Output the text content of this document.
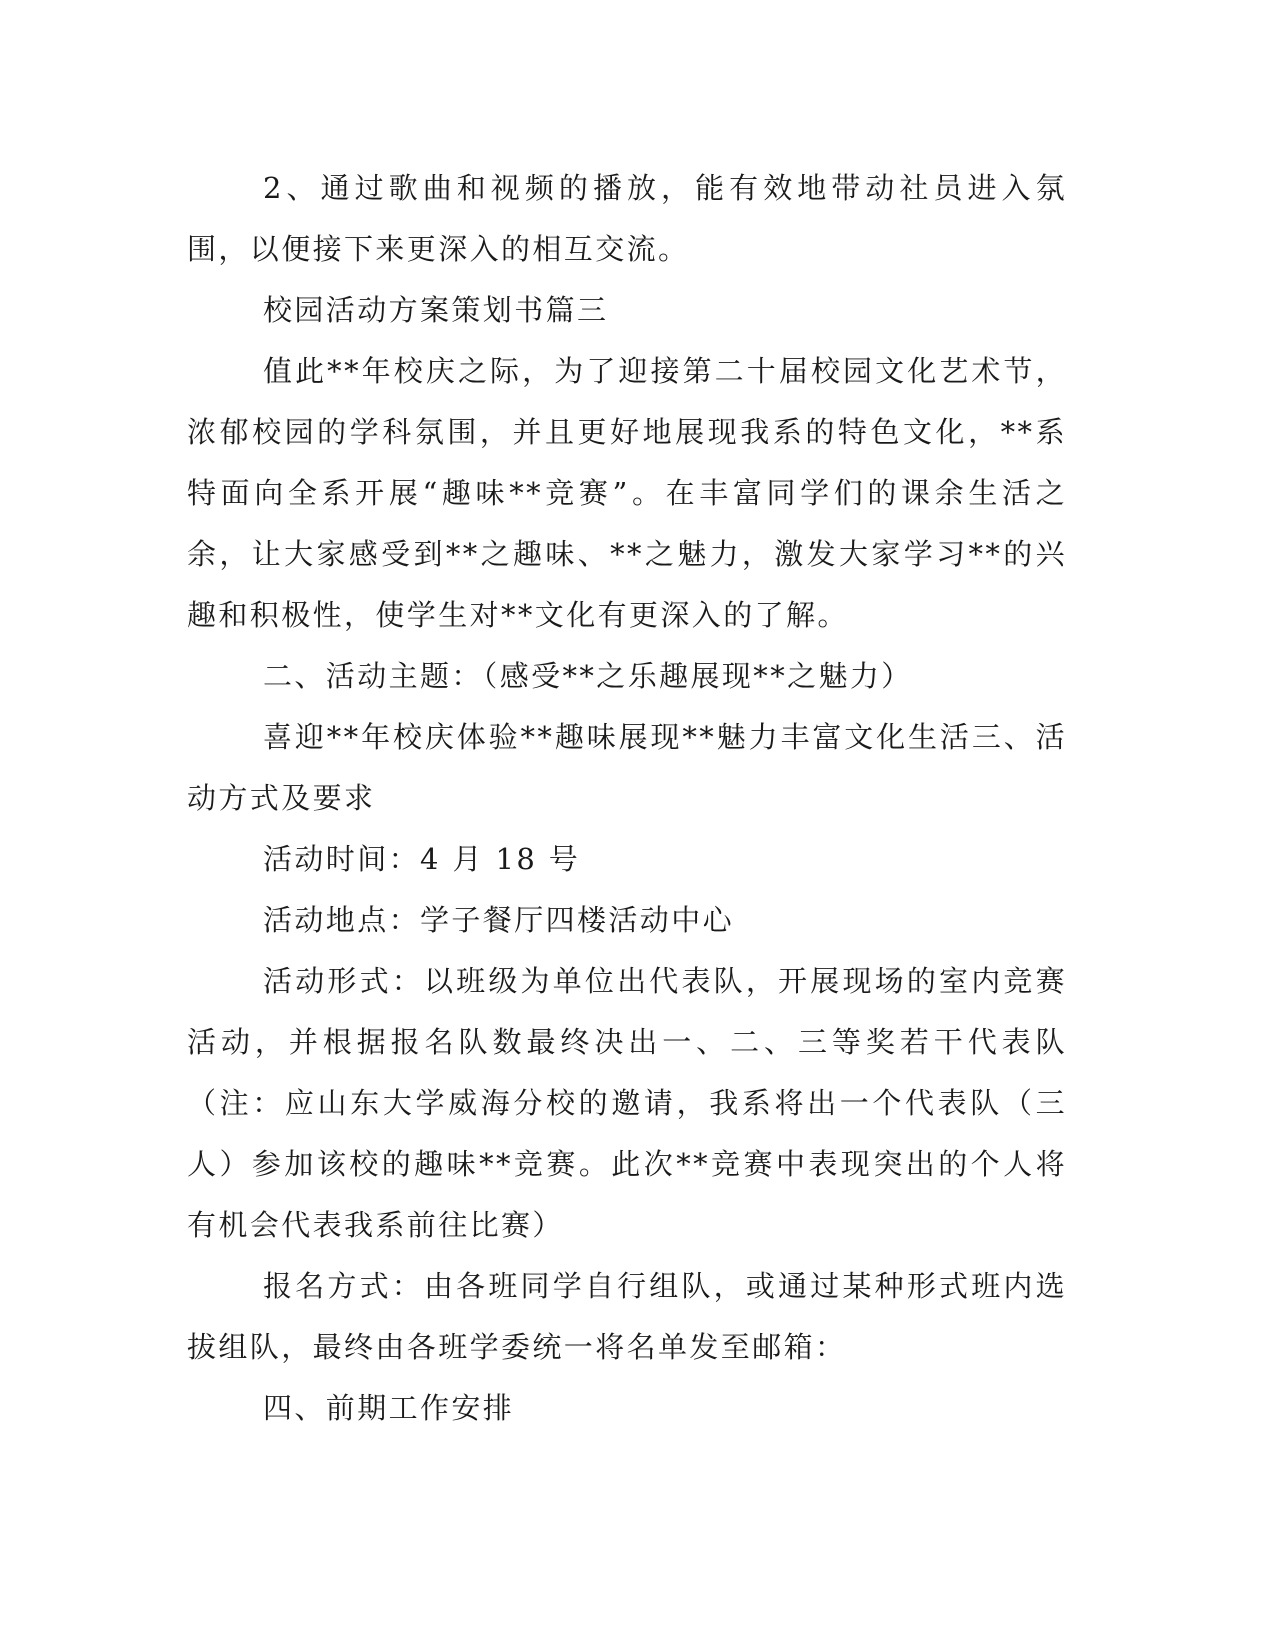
2、通过歌曲和视频的播放，能有效地带动社员进入氛围，以便接下来更深入的相互交流。

校园活动方案策划书篇三

值此**年校庆之际，为了迎接第二十届校园文化艺术节，浓郁校园的学科氛围，并且更好地展现我系的特色文化，**系特面向全系开展“趣味**竞赛”。在丰富同学们的课余生活之余，让大家感受到**之趣味、**之魅力，激发大家学习**的兴趣和积极性，使学生对**文化有更深入的了解。

二、活动主题：（感受**之乐趣展现**之魅力）

喜迎**年校庆体验**趣味展现**魅力丰富文化生活三、活动方式及要求

活动时间：4 月 18 号

活动地点：学子餐厅四楼活动中心

活动形式：以班级为单位出代表队，开展现场的室内竞赛活动，并根据报名队数最终决出一、二、三等奖若干代表队（注：应山东大学威海分校的邀请，我系将出一个代表队（三人）参加该校的趣味**竞赛。此次**竞赛中表现突出的个人将有机会代表我系前往比赛）

报名方式：由各班同学自行组队，或通过某种形式班内选拔组队，最终由各班学委统一将名单发至邮箱：

四、前期工作安排
